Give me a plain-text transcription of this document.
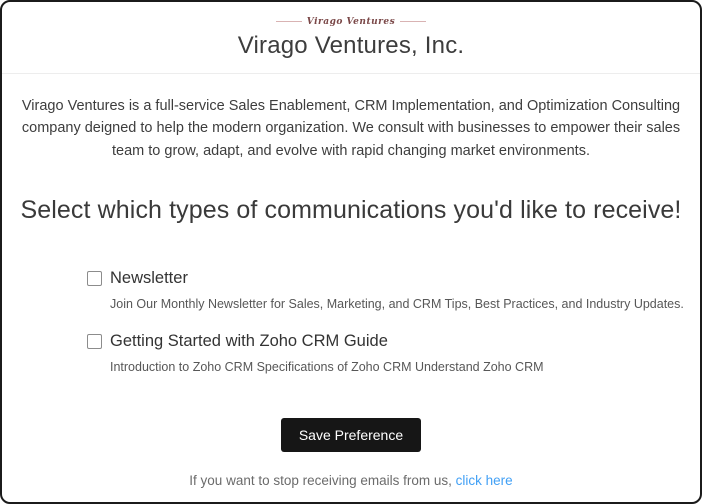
Virago Ventures
Virago Ventures, Inc.

Virago Ventures is a full-service Sales Enablement, CRM Implementation, and Optimization Consulting company deigned to help the modern organization. We consult with businesses to empower their sales team to grow, adapt, and evolve with rapid changing market environments.

Select which types of communications you'd like to receive!
Newsletter
Join Our Monthly Newsletter for Sales, Marketing, and CRM Tips, Best Practices, and Industry Updates.
Getting Started with Zoho CRM Guide
Introduction to Zoho CRM Specifications of Zoho CRM Understand Zoho CRM
Save Preference
If you want to stop receiving emails from us, click here
